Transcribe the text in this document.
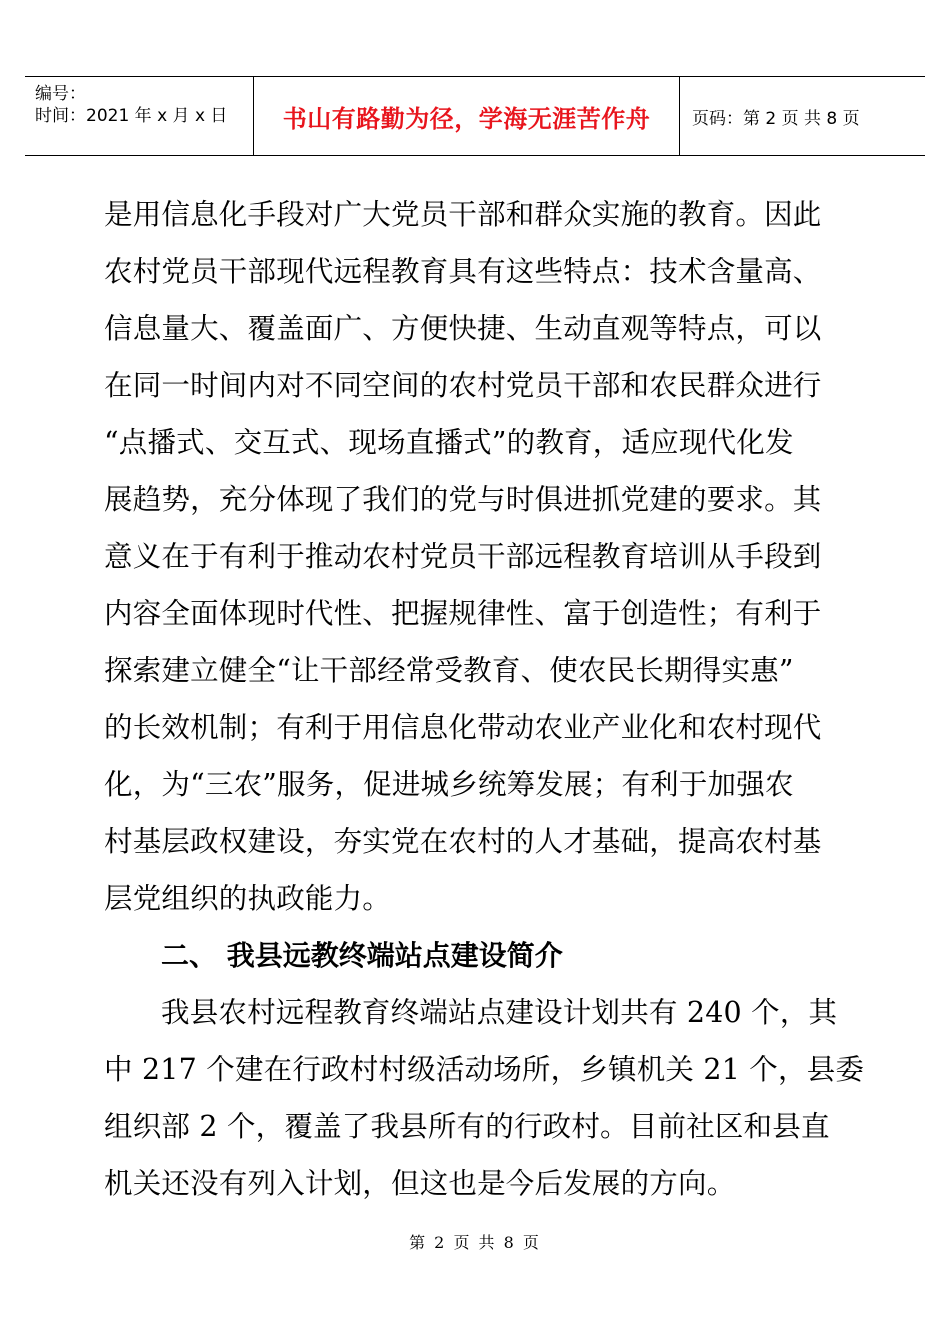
编号：
时间：2021 年 x 月 x 日	书山有路勤为径，学海无涯苦作舟 页码：第 2 页 共 8 页
是用信息化手段对广大党员干部和群众实施的教育。因此
农村党员干部现代远程教育具有这些特点：技术含量高、
信息量大、覆盖面广、方便快捷、生动直观等特点，可以
在同一时间内对不同空间的农村党员干部和农民群众进行
“点播式、交互式、现场直播式”的教育，适应现代化发
展趋势，充分体现了我们的党与时俱进抓党建的要求。其
意义在于有利于推动农村党员干部远程教育培训从手段到
内容全面体现时代性、把握规律性、富于创造性；有利于
探索建立健全“让干部经常受教育、使农民长期得实惠”
的长效机制；有利于用信息化带动农业产业化和农村现代
化，为“三农”服务，促进城乡统筹发展；有利于加强农
村基层政权建设，夯实党在农村的人才基础，提高农村基
层党组织的执政能力。
二、 我县远教终端站点建设简介
我县农村远程教育终端站点建设计划共有 240 个，其
中 217 个建在行政村村级活动场所，乡镇机关 21 个，县委
组织部 2 个，覆盖了我县所有的行政村。目前社区和县直
机关还没有列入计划，但这也是今后发展的方向。
第 2 页 共 8 页
